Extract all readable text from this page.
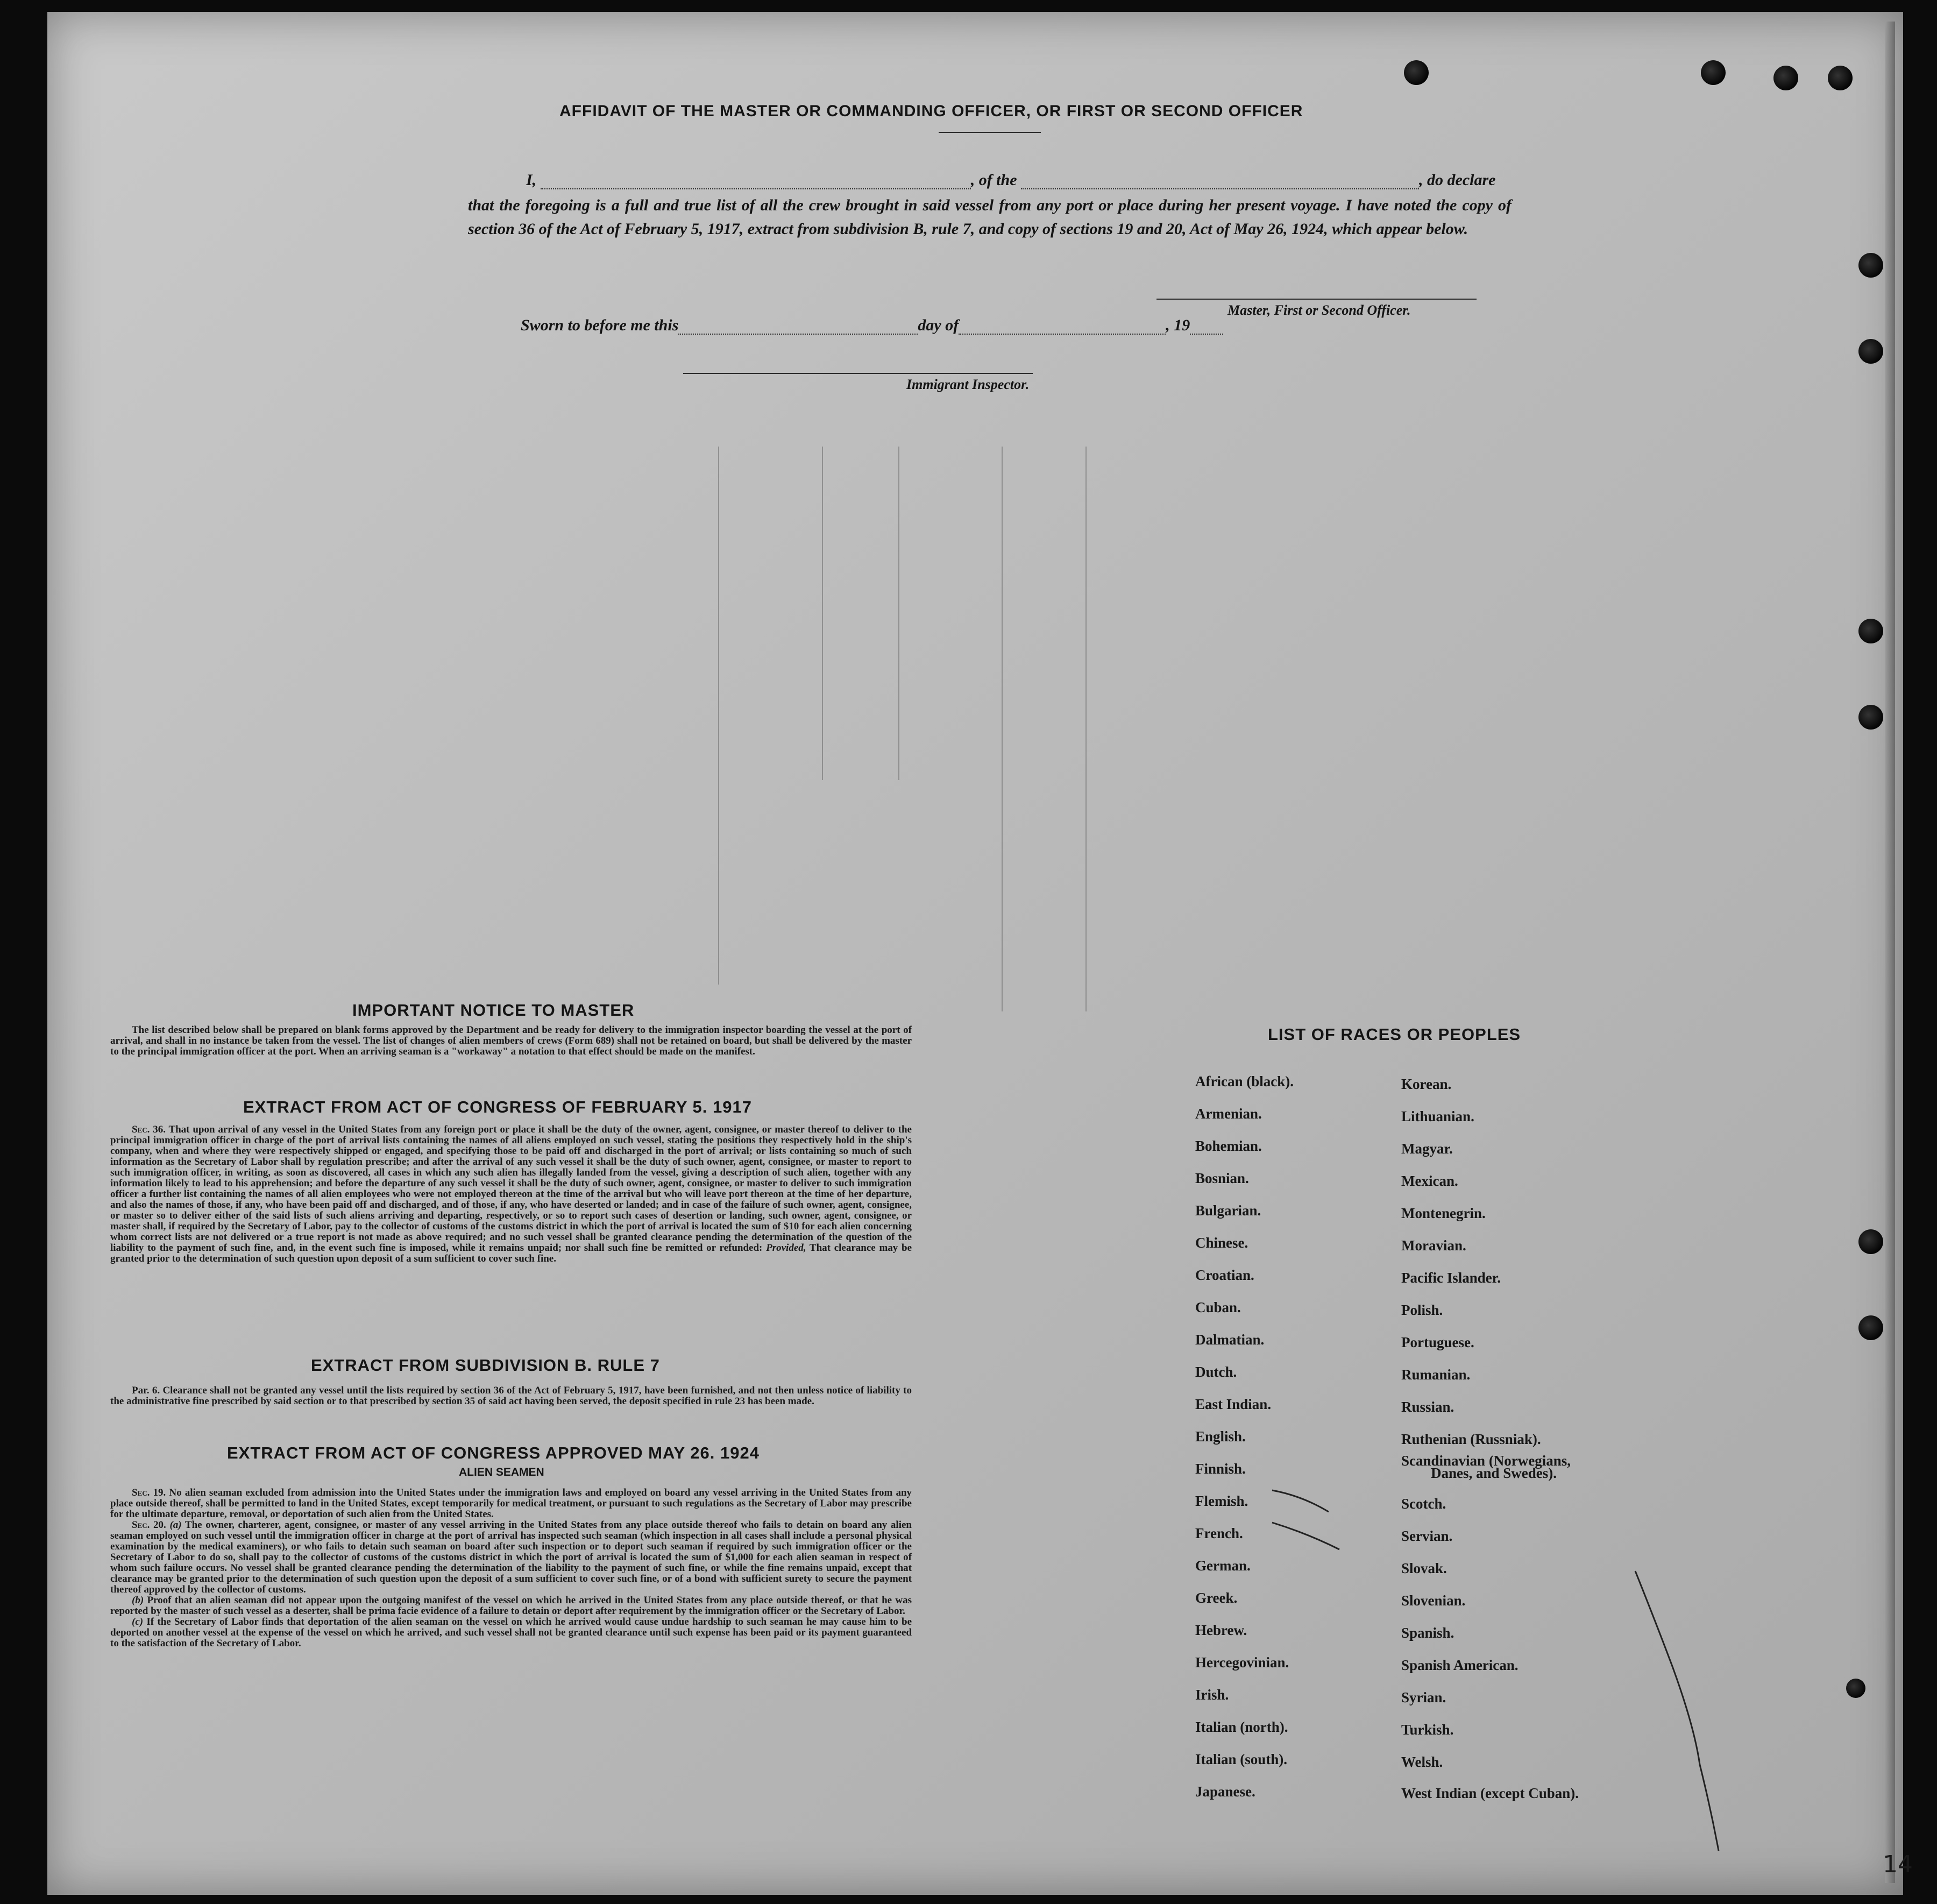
AFFIDAVIT OF THE MASTER OR COMMANDING OFFICER, OR FIRST OR SECOND OFFICER
I,	, of the	, do declare
that the foregoing is a full and true list of all the crew brought in said vessel from any port or place during her present voyage. I have noted the copy of section 36 of the Act of February 5, 1917, extract from subdivision B, rule 7, and copy of sections 19 and 20, Act of May 26, 1924, which appear below.
Master, First or Second Officer.
Sworn to before me this	day of	, 19
Immigrant Inspector.
IMPORTANT NOTICE TO MASTER
The list described below shall be prepared on blank forms approved by the Department and be ready for delivery to the immigration inspector boarding the vessel at the port of arrival, and shall in no instance be taken from the vessel. The list of changes of alien members of crews (Form 689) shall not be retained on board, but shall be delivered by the master to the principal immigration officer at the port. When an arriving seaman is a "workaway" a notation to that effect should be made on the manifest.
EXTRACT FROM ACT OF CONGRESS OF FEBRUARY 5. 1917
Sec. 36. That upon arrival of any vessel in the United States from any foreign port or place it shall be the duty of the owner, agent, consignee, or master thereof to deliver to the principal immigration officer in charge of the port of arrival lists containing the names of all aliens employed on such vessel, stating the positions they respectively hold in the ship's company, when and where they were respectively shipped or engaged, and specifying those to be paid off and discharged in the port of arrival; or lists containing so much of such information as the Secretary of Labor shall by regulation prescribe; and after the arrival of any such vessel it shall be the duty of such owner, agent, consignee, or master to report to such immigration officer, in writing, as soon as discovered, all cases in which any such alien has illegally landed from the vessel, giving a description of such alien, together with any information likely to lead to his apprehension; and before the departure of any such vessel it shall be the duty of such owner, agent, consignee, or master to deliver to such immigration officer a further list containing the names of all alien employees who were not employed thereon at the time of the arrival but who will leave port thereon at the time of her departure, and also the names of those, if any, who have been paid off and discharged, and of those, if any, who have deserted or landed; and in case of the failure of such owner, agent, consignee, or master so to deliver either of the said lists of such aliens arriving and departing, respectively, or so to report such cases of desertion or landing, such owner, agent, consignee, or master shall, if required by the Secretary of Labor, pay to the collector of customs of the customs district in which the port of arrival is located the sum of $10 for each alien concerning whom correct lists are not delivered or a true report is not made as above required; and no such vessel shall be granted clearance pending the determination of the question of the liability to the payment of such fine, and, in the event such fine is imposed, while it remains unpaid; nor shall such fine be remitted or refunded: Provided, That clearance may be granted prior to the determination of such question upon deposit of a sum sufficient to cover such fine.
EXTRACT FROM SUBDIVISION B. RULE 7
Par. 6. Clearance shall not be granted any vessel until the lists required by section 36 of the Act of February 5, 1917, have been furnished, and not then unless notice of liability to the administrative fine prescribed by said section or to that prescribed by section 35 of said act having been served, the deposit specified in rule 23 has been made.
EXTRACT FROM ACT OF CONGRESS APPROVED MAY 26. 1924
ALIEN SEAMEN
Sec. 19. No alien seaman excluded from admission into the United States under the immigration laws and employed on board any vessel arriving in the United States from any place outside thereof, shall be permitted to land in the United States, except temporarily for medical treatment, or pursuant to such regulations as the Secretary of Labor may prescribe for the ultimate departure, removal, or deportation of such alien from the United States.
Sec. 20. (a) The owner, charterer, agent, consignee, or master of any vessel arriving in the United States from any place outside thereof who fails to detain on board any alien seaman employed on such vessel until the immigration officer in charge at the port of arrival has inspected such seaman (which inspection in all cases shall include a personal physical examination by the medical examiners), or who fails to detain such seaman on board after such inspection or to deport such seaman if required by such immigration officer or the Secretary of Labor to do so, shall pay to the collector of customs of the customs district in which the port of arrival is located the sum of $1,000 for each alien seaman in respect of whom such failure occurs. No vessel shall be granted clearance pending the determination of the liability to the payment of such fine, or while the fine remains unpaid, except that clearance may be granted prior to the determination of such question upon the deposit of a sum sufficient to cover such fine, or of a bond with sufficient surety to secure the payment thereof approved by the collector of customs.
(b) Proof that an alien seaman did not appear upon the outgoing manifest of the vessel on which he arrived in the United States from any place outside thereof, or that he was reported by the master of such vessel as a deserter, shall be prima facie evidence of a failure to detain or deport after requirement by the immigration officer or the Secretary of Labor.
(c) If the Secretary of Labor finds that deportation of the alien seaman on the vessel on which he arrived would cause undue hardship to such seaman he may cause him to be deported on another vessel at the expense of the vessel on which he arrived, and such vessel shall not be granted clearance until such expense has been paid or its payment guaranteed to the satisfaction of the Secretary of Labor.
LIST OF RACES OR PEOPLES
African (black).
Armenian.
Bohemian.
Bosnian.
Bulgarian.
Chinese.
Croatian.
Cuban.
Dalmatian.
Dutch.
East Indian.
English.
Finnish.
Flemish.
French.
German.
Greek.
Hebrew.
Hercegovinian.
Irish.
Italian (north).
Italian (south).
Japanese.
Korean.
Lithuanian.
Magyar.
Mexican.
Montenegrin.
Moravian.
Pacific Islander.
Polish.
Portuguese.
Rumanian.
Russian.
Ruthenian (Russniak).
Scandinavian (Norwegians,
Danes, and Swedes).
Scotch.
Servian.
Slovak.
Slovenian.
Spanish.
Spanish American.
Syrian.
Turkish.
Welsh.
West Indian (except Cuban).
14
